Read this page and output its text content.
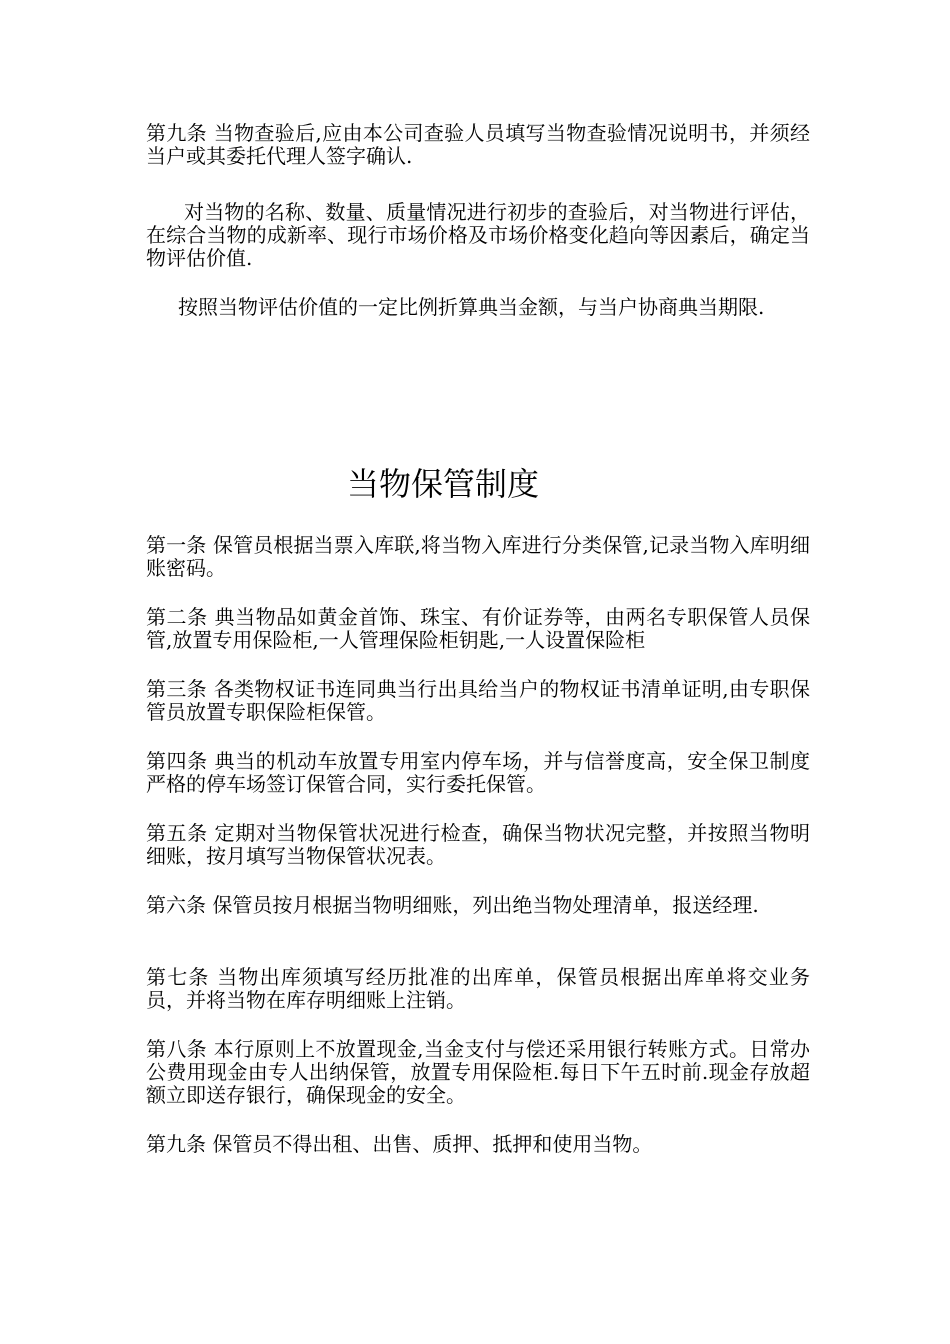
第九条 当物查验后,应由本公司查验人员填写当物查验情况说明书，并须经当户或其委托代理人签字确认.

对当物的名称、数量、质量情况进行初步的查验后，对当物进行评估，在综合当物的成新率、现行市场价格及市场价格变化趋向等因素后，确定当物评估价值.

按照当物评估价值的一定比例折算典当金额，与当户协商典当期限.

当物保管制度

第一条 保管员根据当票入库联,将当物入库进行分类保管,记录当物入库明细账密码。

第二条 典当物品如黄金首饰、珠宝、有价证券等，由两名专职保管人员保管,放置专用保险柜,一人管理保险柜钥匙,一人设置保险柜

第三条 各类物权证书连同典当行出具给当户的物权证书清单证明,由专职保管员放置专职保险柜保管。

第四条 典当的机动车放置专用室内停车场，并与信誉度高，安全保卫制度严格的停车场签订保管合同，实行委托保管。

第五条 定期对当物保管状况进行检查，确保当物状况完整，并按照当物明细账，按月填写当物保管状况表。

第六条 保管员按月根据当物明细账，列出绝当物处理清单，报送经理.

第七条 当物出库须填写经历批准的出库单，保管员根据出库单将交业务员，并将当物在库存明细账上注销。

第八条 本行原则上不放置现金,当金支付与偿还采用银行转账方式。日常办公费用现金由专人出纳保管，放置专用保险柜.每日下午五时前.现金存放超额立即送存银行，确保现金的安全。

第九条 保管员不得出租、出售、质押、抵押和使用当物。
